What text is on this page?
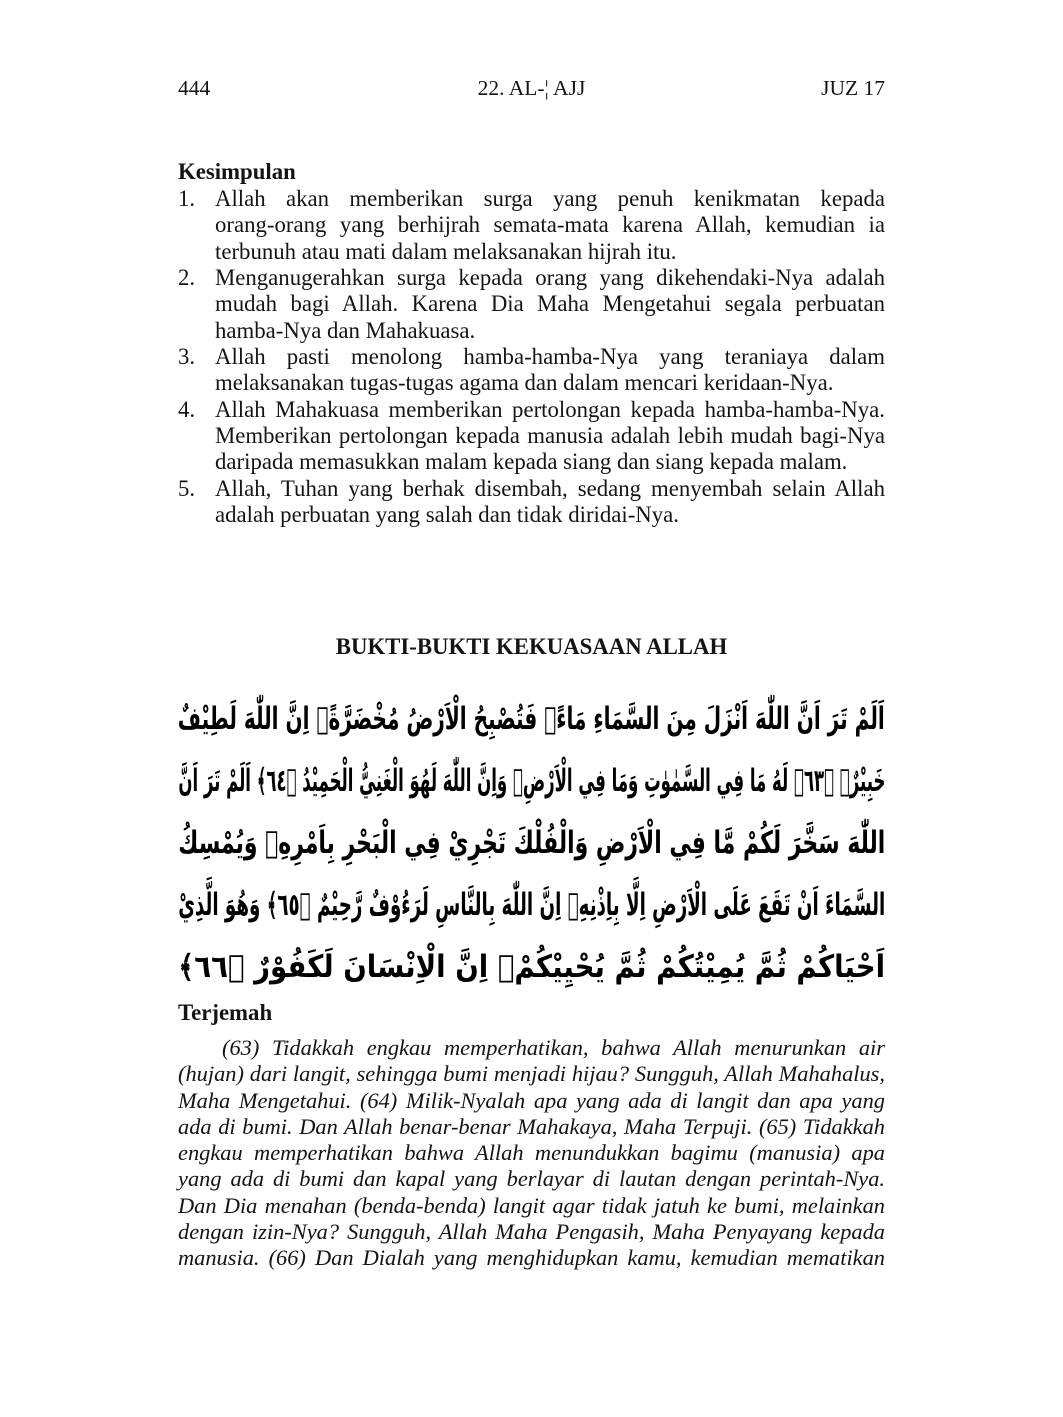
444	22. AL-¦ AJJ	JUZ 17
Kesimpulan
1. Allah akan memberikan surga yang penuh kenikmatan kepada
orang-orang yang berhijrah semata-mata karena Allah, kemudian ia
terbunuh atau mati dalam melaksanakan hijrah itu.
2. Menganugerahkan surga kepada orang yang dikehendaki-Nya adalah
mudah bagi Allah. Karena Dia Maha Mengetahui segala perbuatan
hamba-Nya dan Mahakuasa.
3. Allah pasti menolong hamba-hamba-Nya yang teraniaya dalam
melaksanakan tugas-tugas agama dan dalam mencari keridaan-Nya.
4. Allah Mahakuasa memberikan pertolongan kepada hamba-hamba-Nya.
Memberikan pertolongan kepada manusia adalah lebih mudah bagi-Nya
daripada memasukkan malam kepada siang dan siang kepada malam.
5. Allah, Tuhan yang berhak disembah, sedang menyembah selain Allah
adalah perbuatan yang salah dan tidak diridai-Nya.
BUKTI-BUKTI KEKUASAAN ALLAH
اَلَمْ تَرَ اَنَّ اللّٰهَ اَنْزَلَ مِنَ السَّمَاءِ مَاءًۖ فَتُصْبِحُ الْاَرْضُ مُخْضَرَّةًۗ اِنَّ اللّٰهَ لَطِيْفٌ
خَبِيْرٌۚ ﴿٦٣﴾ لَهُ مَا فِي السَّمٰوٰتِ وَمَا فِي الْاَرْضِۗ وَاِنَّ اللّٰهَ لَهُوَ الْغَنِيُّ الْحَمِيْدُ ﴿٦٤﴾ اَلَمْ تَرَ اَنَّ
اللّٰهَ سَخَّرَ لَكُمْ مَّا فِي الْاَرْضِ وَالْفُلْكَ تَجْرِيْ فِي الْبَحْرِ بِاَمْرِهِۗ وَيُمْسِكُ
السَّمَاءَ اَنْ تَقَعَ عَلَى الْاَرْضِ اِلَّا بِاِذْنِهِۗ اِنَّ اللّٰهَ بِالنَّاسِ لَرَءُوْفٌ رَّحِيْمٌ ﴿٦٥﴾ وَهُوَ الَّذِيْ
اَحْيَاكُمْ ثُمَّ يُمِيْتُكُمْ ثُمَّ يُحْيِيْكُمْۗ اِنَّ الْاِنْسَانَ لَكَفُوْرٌ ﴿٦٦﴾
Terjemah
(63) Tidakkah engkau memperhatikan, bahwa Allah menurunkan air
(hujan) dari langit, sehingga bumi menjadi hijau? Sungguh, Allah Mahahalus,
Maha Mengetahui. (64) Milik-Nyalah apa yang ada di langit dan apa yang
ada di bumi. Dan Allah benar-benar Mahakaya, Maha Terpuji. (65) Tidakkah
engkau memperhatikan bahwa Allah menundukkan bagimu (manusia) apa
yang ada di bumi dan kapal yang berlayar di lautan dengan perintah-Nya.
Dan Dia menahan (benda-benda) langit agar tidak jatuh ke bumi, melainkan
dengan izin-Nya? Sungguh, Allah Maha Pengasih, Maha Penyayang kepada
manusia. (66) Dan Dialah yang menghidupkan kamu, kemudian mematikan
